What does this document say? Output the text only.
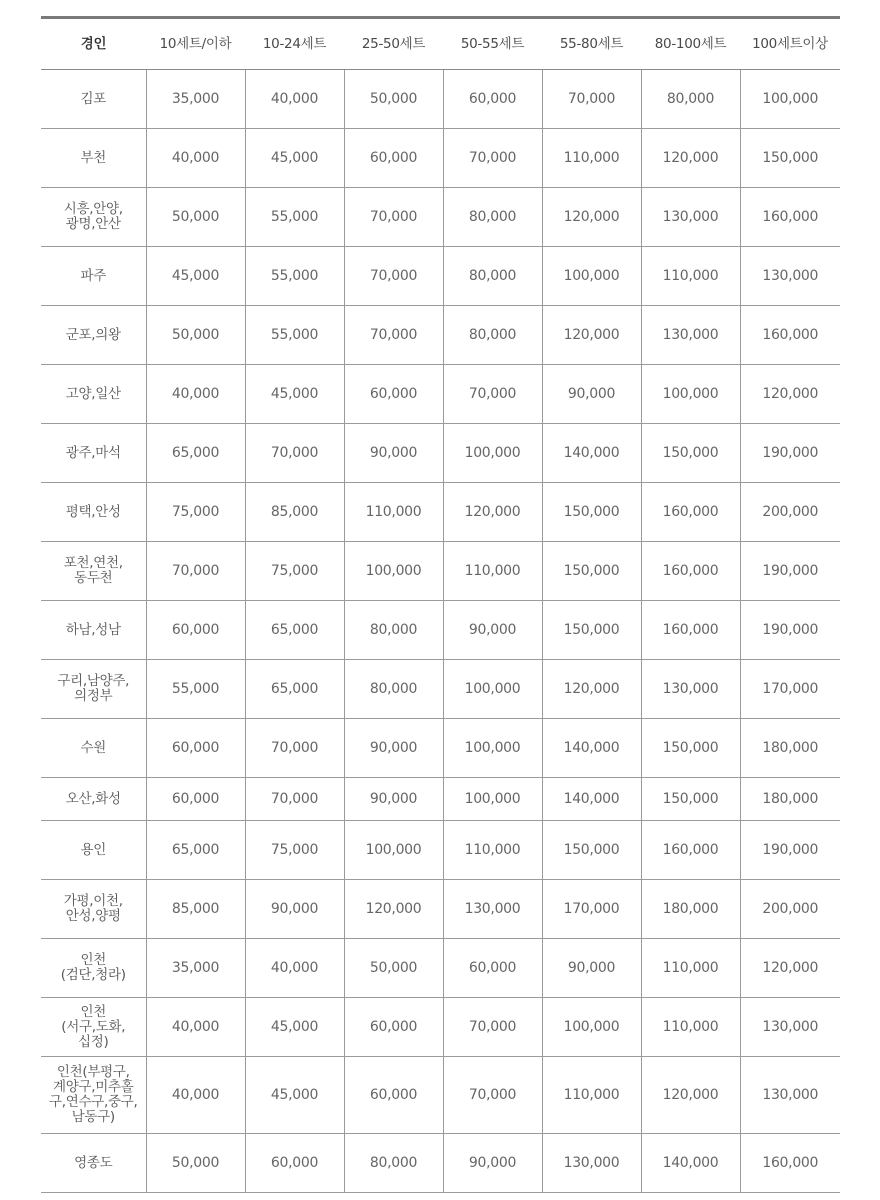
경인	10세트/이하	10-24세트	25-50세트	50-55세트	55-80세트	80-100세트	100세트이상

김포	35,000	40,000	50,000	60,000	70,000	80,000	100,000

부천	40,000	45,000	60,000	70,000	110,000	120,000	150,000

시흥,안양,
광명,안산	50,000	55,000	70,000	80,000	120,000	130,000	160,000

파주	45,000	55,000	70,000	80,000	100,000	110,000	130,000

군포,의왕	50,000	55,000	70,000	80,000	120,000	130,000	160,000

고양,일산	40,000	45,000	60,000	70,000	90,000	100,000	120,000

광주,마석	65,000	70,000	90,000	100,000	140,000	150,000	190,000

평택,안성	75,000	85,000	110,000	120,000	150,000	160,000	200,000

포천,연천,
동두천	70,000	75,000	100,000	110,000	150,000	160,000	190,000

하남,성남	60,000	65,000	80,000	90,000	150,000	160,000	190,000

구리,남양주,
의정부	55,000	65,000	80,000	100,000	120,000	130,000	170,000

수원	60,000	70,000	90,000	100,000	140,000	150,000	180,000

오산,화성	60,000	70,000	90,000	100,000	140,000	150,000	180,000

용인	65,000	75,000	100,000	110,000	150,000	160,000	190,000

가평,이천,
안성,양평	85,000	90,000	120,000	130,000	170,000	180,000	200,000

인천
(검단,청라)	35,000	40,000	50,000	60,000	90,000	110,000	120,000

인천
(서구,도화,
십정)	40,000	45,000	60,000	70,000	100,000	110,000	130,000

인천(부평구,
계양구,미추홀
구,연수구,중구,
남동구)	40,000	45,000	60,000	70,000	110,000	120,000	130,000

영종도	50,000	60,000	80,000	90,000	130,000	140,000	160,000
